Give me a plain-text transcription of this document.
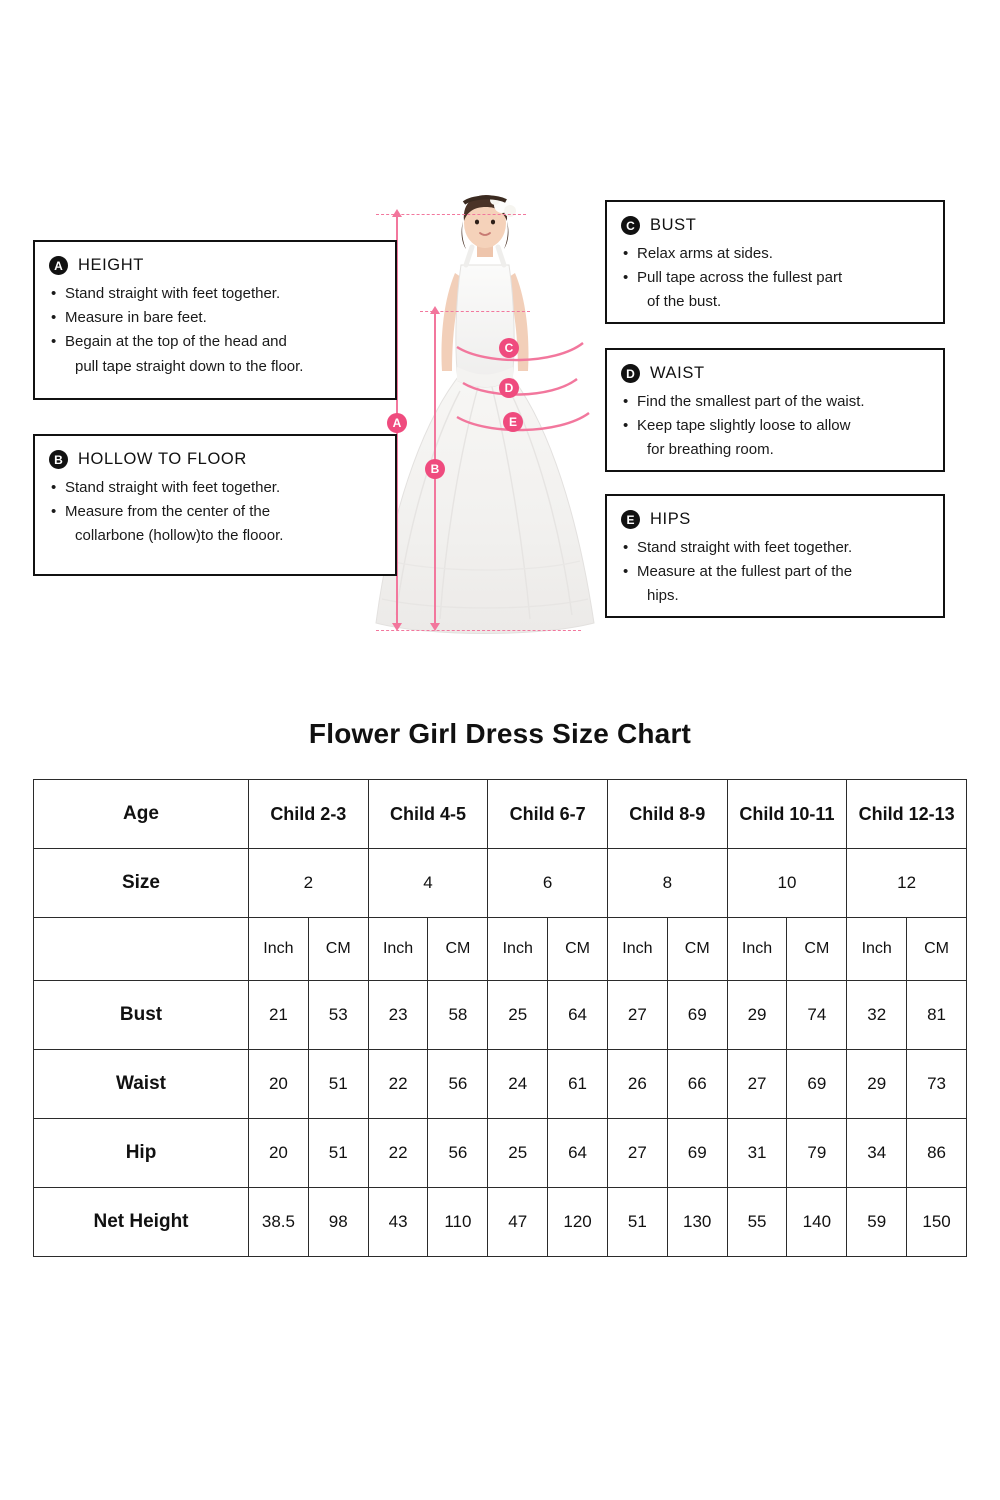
A
B
C
D
E
A HEIGHT
• Stand straight with feet together.
• Measure in bare feet.
• Begain at the top of the head and
pull tape straight down to the floor.
B HOLLOW TO FLOOR
• Stand straight with feet together.
• Measure from the center of the
collarbone (hollow)to the flooor.
C BUST
• Relax arms at sides.
• Pull tape across the fullest part
of the bust.
D WAIST
• Find the smallest part of the waist.
• Keep tape slightly loose to allow
for breathing room.
E HIPS
• Stand straight with feet together.
• Measure at the fullest part of the
hips.
Flower Girl Dress Size Chart
Age	Child 2-3		Child 4-5		Child 6-7		Child 8-9		Child 10-11		Child 12-13	
Size	2		4		6		8		10		12	
	Inch	CM	Inch	CM	Inch	CM	Inch	CM	Inch	CM	Inch	CM
Bust	21	53	23	58	25	64	27	69	29	74	32	81
Waist	20	51	22	56	24	61	26	66	27	69	29	73
Hip	20	51	22	56	25	64	27	69	31	79	34	86
Net Height	38.5	98	43	110	47	120	51	130	55	140	59	150
